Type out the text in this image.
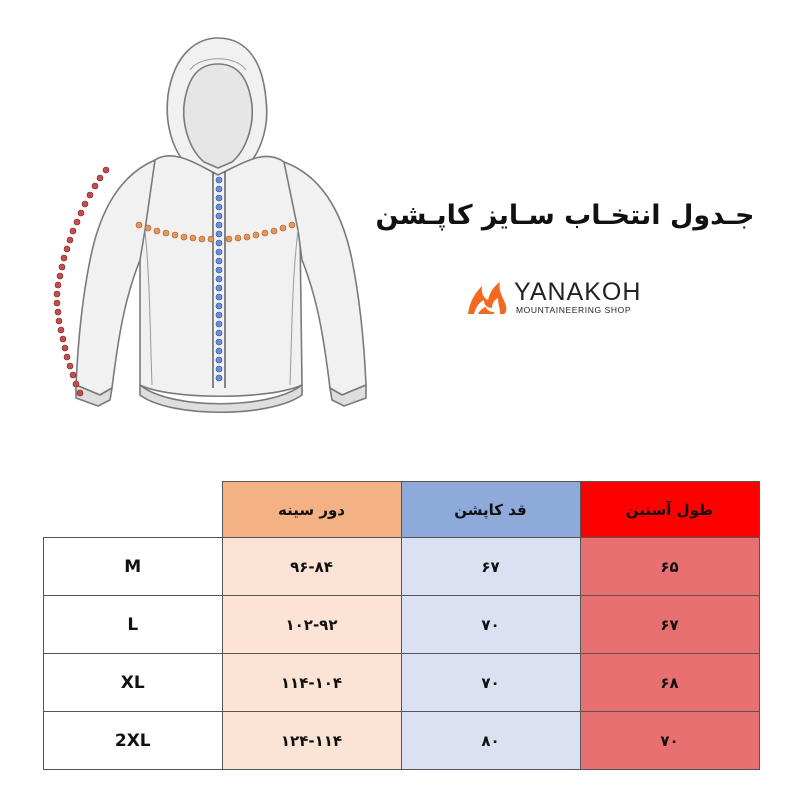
جـدول انتخـاب سـایز کاپـشن
YANAKOH
MOUNTAINEERING SHOP
	دور سینه	قد کاپشن	طول آستین
M	۹۶-۸۴	۶۷	۶۵
L	۱۰۲-۹۲	۷۰	۶۷
XL	۱۱۴-۱۰۴	۷۰	۶۸
2XL	۱۲۴-۱۱۴	۸۰	۷۰
